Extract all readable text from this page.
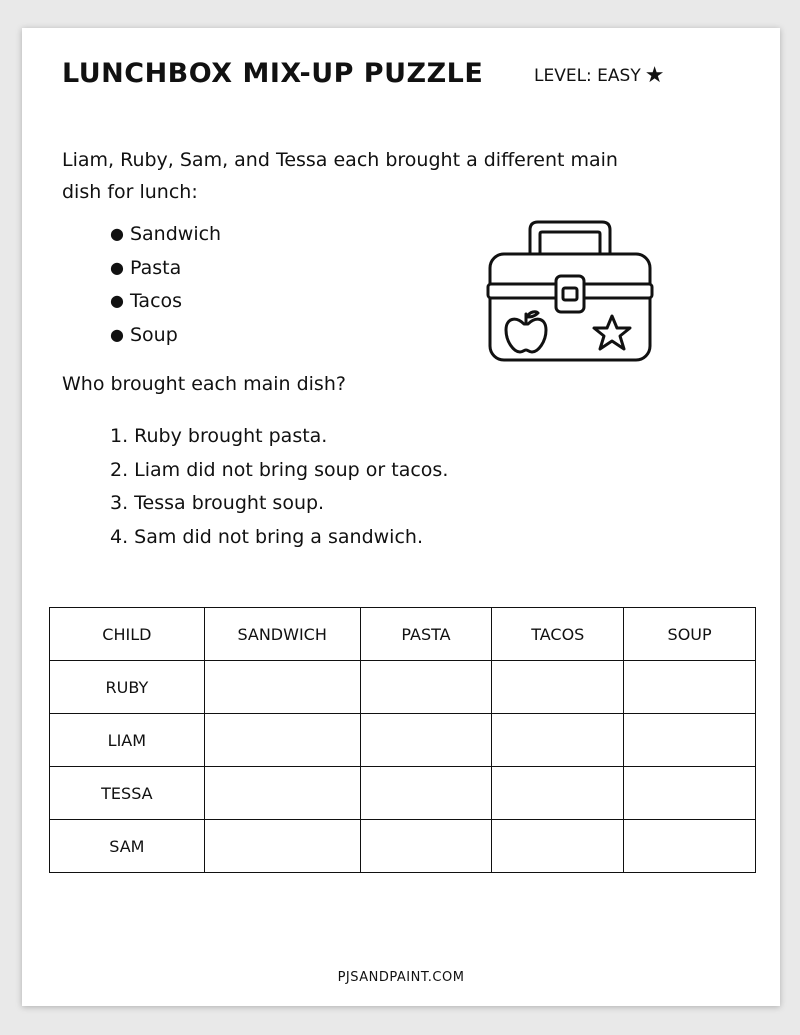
LUNCHBOX MIX-UP PUZZLE	LEVEL: EASY ★
Liam, Ruby, Sam, and Tessa each brought a different main dish for lunch:
● Sandwich
● Pasta
● Tacos
● Soup
Who brought each main dish?
1. Ruby brought pasta.
2. Liam did not bring soup or tacos.
3. Tessa brought soup.
4. Sam did not bring a sandwich.
CHILD	SANDWICH	PASTA	TACOS	SOUP
RUBY				
LIAM				
TESSA				
SAM				
PJSANDPAINT.COM
